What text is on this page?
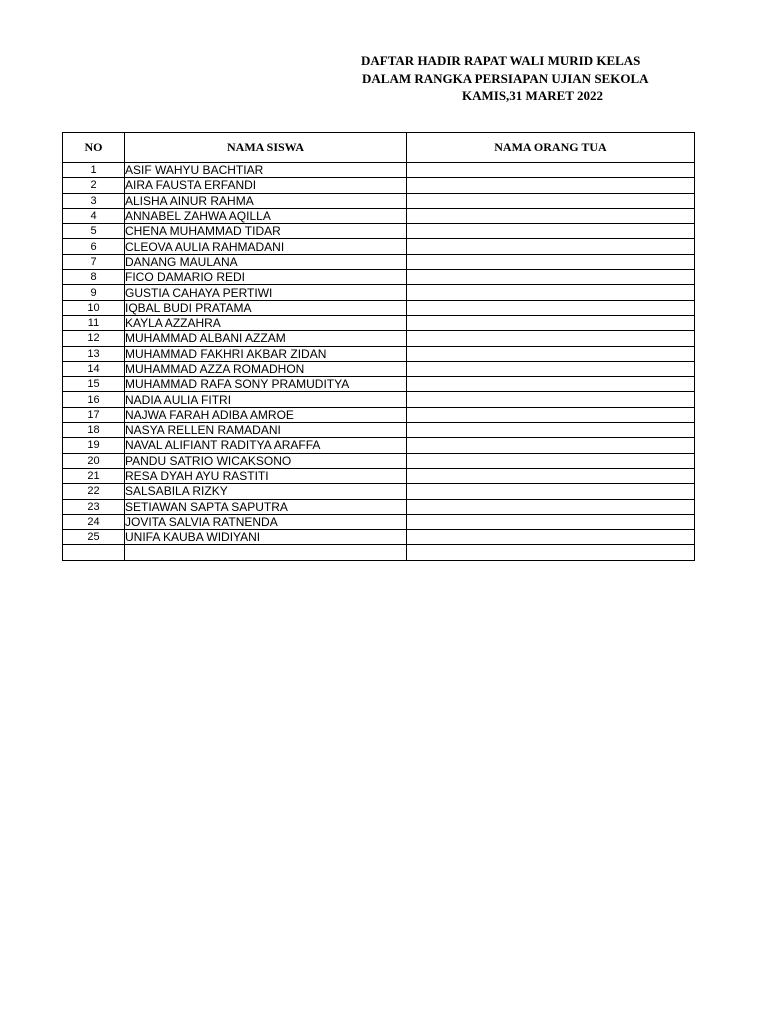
DAFTAR HADIR RAPAT WALI MURID KELAS
DALAM RANGKA PERSIAPAN UJIAN SEKOLA
KAMIS,31 MARET 2022
NO	NAMA SISWA	NAMA ORANG TUA
1	ASIF WAHYU BACHTIAR	
2	AIRA FAUSTA ERFANDI	
3	ALISHA AINUR RAHMA	
4	ANNABEL ZAHWA AQILLA	
5	CHENA MUHAMMAD TIDAR	
6	CLEOVA AULIA RAHMADANI	
7	DANANG MAULANA	
8	FICO DAMARIO REDI	
9	GUSTIA CAHAYA PERTIWI	
10	IQBAL BUDI PRATAMA	
11	KAYLA AZZAHRA	
12	MUHAMMAD ALBANI AZZAM	
13	MUHAMMAD FAKHRI AKBAR ZIDAN	
14	MUHAMMAD AZZA ROMADHON	
15	MUHAMMAD RAFA SONY PRAMUDITYA	
16	NADIA AULIA FITRI	
17	NAJWA FARAH ADIBA AMROE	
18	NASYA RELLEN RAMADANI	
19	NAVAL ALIFIANT RADITYA ARAFFA	
20	PANDU SATRIO WICAKSONO	
21	RESA DYAH AYU RASTITI	
22	SALSABILA RIZKY	
23	SETIAWAN SAPTA SAPUTRA	
24	JOVITA SALVIA RATNENDA	
25	UNIFA KAUBA WIDIYANI	
